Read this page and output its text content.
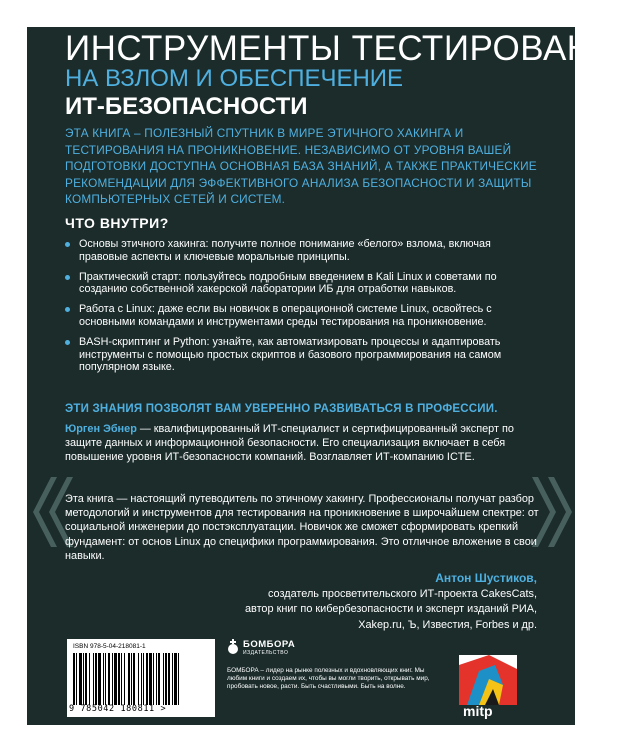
ИНСТРУМЕНТЫ ТЕСТИРОВАНИЯ
НА ВЗЛОМ И ОБЕСПЕЧЕНИЕ
ИТ-БЕЗОПАСНОСТИ
ЭТА КНИГА – ПОЛЕЗНЫЙ СПУТНИК В МИРЕ ЭТИЧНОГО ХАКИНГА И ТЕСТИРОВАНИЯ НА ПРОНИКНОВЕНИЕ. НЕЗАВИСИМО ОТ УРОВНЯ ВАШЕЙ ПОДГОТОВКИ ДОСТУПНА ОСНОВНАЯ БАЗА ЗНАНИЙ, А ТАКЖЕ ПРАКТИЧЕСКИЕ РЕКОМЕНДАЦИИ ДЛЯ ЭФФЕКТИВНОГО АНАЛИЗА БЕЗОПАСНОСТИ И ЗАЩИТЫ КОМПЬЮТЕРНЫХ СЕТЕЙ И СИСТЕМ.
ЧТО ВНУТРИ?
Основы этичного хакинга: получите полное понимание «белого» взлома, включая правовые аспекты и ключевые моральные принципы.
Практический старт: пользуйтесь подробным введением в Kali Linux и советами по созданию собственной хакерской лаборатории ИБ для отработки навыков.
Работа с Linux: даже если вы новичок в операционной системе Linux, освойтесь с основными командами и инструментами среды тестирования на проникновение.
BASH-скриптинг и Python: узнайте, как автоматизировать процессы и адаптировать инструменты с помощью простых скриптов и базового программирования на самом популярном языке.
ЭТИ ЗНАНИЯ ПОЗВОЛЯТ ВАМ УВЕРЕННО РАЗВИВАТЬСЯ В ПРОФЕССИИ.
Юрген Эбнер — квалифицированный ИТ-специалист и сертифицированный эксперт по защите данных и информационной безопасности. Его специализация включает в себя повышение уровня ИТ-безопасности компаний. Возглавляет ИТ-компанию ICTE.
Эта книга — настоящий путеводитель по этичному хакингу. Профессионалы получат разбор методологий и инструментов для тестирования на проникновение в широчайшем спектре: от социальной инженерии до постэксплуатации. Новичок же сможет сформировать крепкий фундамент: от основ Linux до специфики программирования. Это отличное вложение в свои навыки.
Антон Шустиков,
создатель просветительского ИТ-проекта CakesCats,
автор книг по кибербезопасности и эксперт изданий РИА,
Xakep.ru, Ъ, Известия, Forbes и др.
ISBN 978-5-04-218081-1
9 785042 180811 >
БОМБОРА
ИЗДАТЕЛЬСТВО
БОМБОРА – лидер на рынке полезных и вдохновляющих книг. Мы любим книги и создаем их, чтобы вы могли творить, открывать мир, пробовать новое, расти. Быть счастливыми. Быть на волне.
mitp
